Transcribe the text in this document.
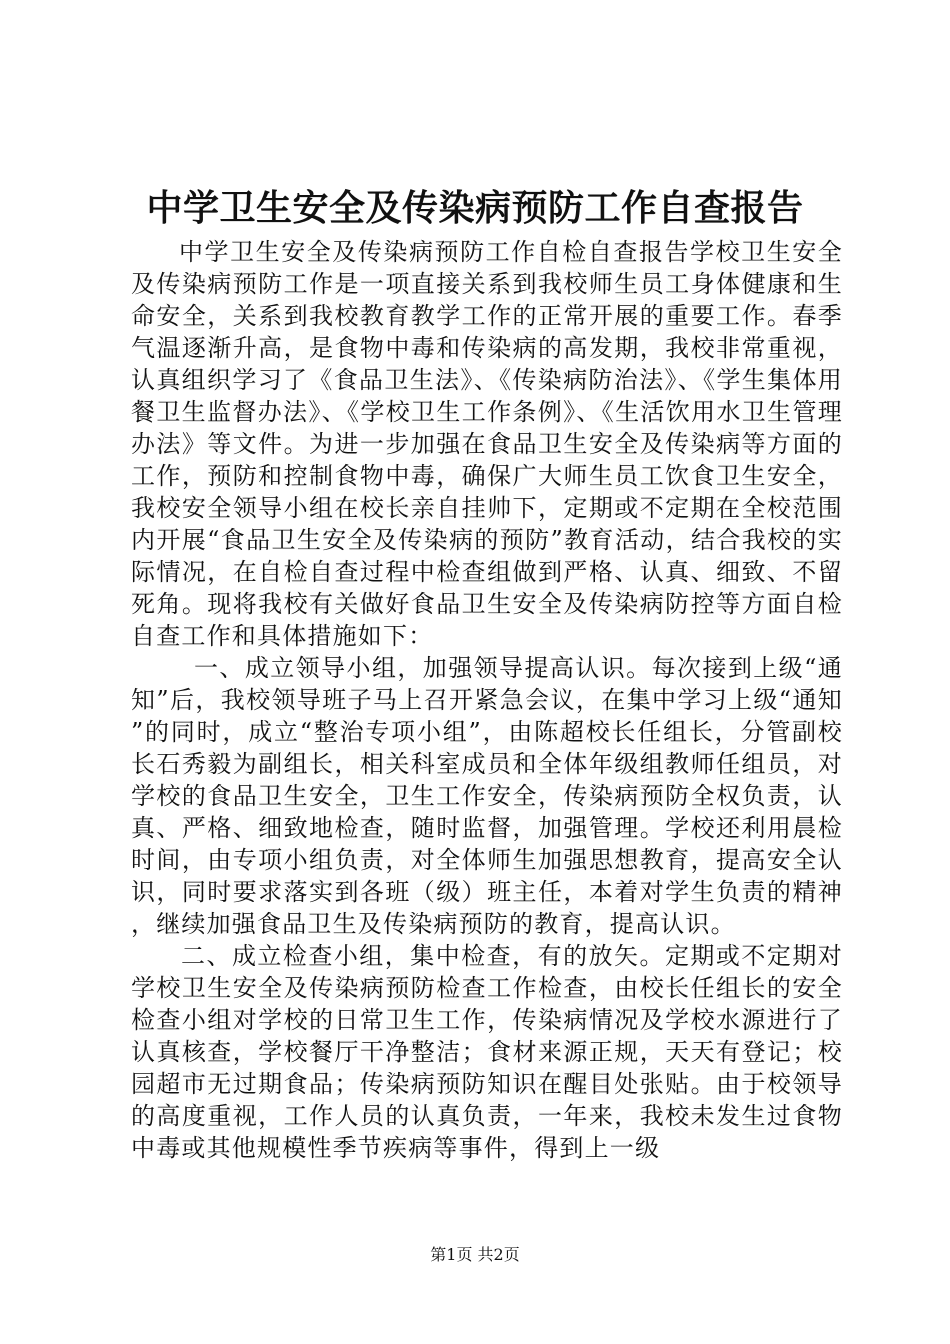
中学卫生安全及传染病预防工作自查报告

中学卫生安全及传染病预防工作自检自查报告学校卫生安全及传染病预防工作是一项直接关系到我校师生员工身体健康和生命安全，关系到我校教育教学工作的正常开展的重要工作。春季气温逐渐升高，是食物中毒和传染病的高发期，我校非常重视，认真组织学习了《食品卫生法》、《传染病防治法》、《学生集体用餐卫生监督办法》、《学校卫生工作条例》、《生活饮用水卫生管理办法》等文件。为进一步加强在食品卫生安全及传染病等方面的工作，预防和控制食物中毒，确保广大师生员工饮食卫生安全，我校安全领导小组在校长亲自挂帅下，定期或不定期在全校范围内开展“食品卫生安全及传染病的预防”教育活动，结合我校的实际情况，在自检自查过程中检查组做到严格、认真、细致、不留死角。现将我校有关做好食品卫生安全及传染病防控等方面自检自查工作和具体措施如下：

一、成立领导小组，加强领导提高认识。每次接到上级“通知”后，我校领导班子马上召开紧急会议，在集中学习上级“通知”的同时，成立“整治专项小组”，由陈超校长任组长，分管副校长石秀毅为副组长，相关科室成员和全体年级组教师任组员，对学校的食品卫生安全，卫生工作安全，传染病预防全权负责，认真、严格、细致地检查，随时监督，加强管理。学校还利用晨检时间，由专项小组负责，对全体师生加强思想教育，提高安全认识，同时要求落实到各班（级）班主任，本着对学生负责的精神，继续加强食品卫生及传染病预防的教育，提高认识。

二、成立检查小组，集中检查，有的放矢。定期或不定期对学校卫生安全及传染病预防检查工作检查，由校长任组长的安全检查小组对学校的日常卫生工作，传染病情况及学校水源进行了认真核查，学校餐厅干净整洁；食材来源正规，天天有登记；校园超市无过期食品；传染病预防知识在醒目处张贴。由于校领导的高度重视，工作人员的认真负责，一年来，我校未发生过食物中毒或其他规模性季节疾病等事件，得到上一级

第1页 共2页
